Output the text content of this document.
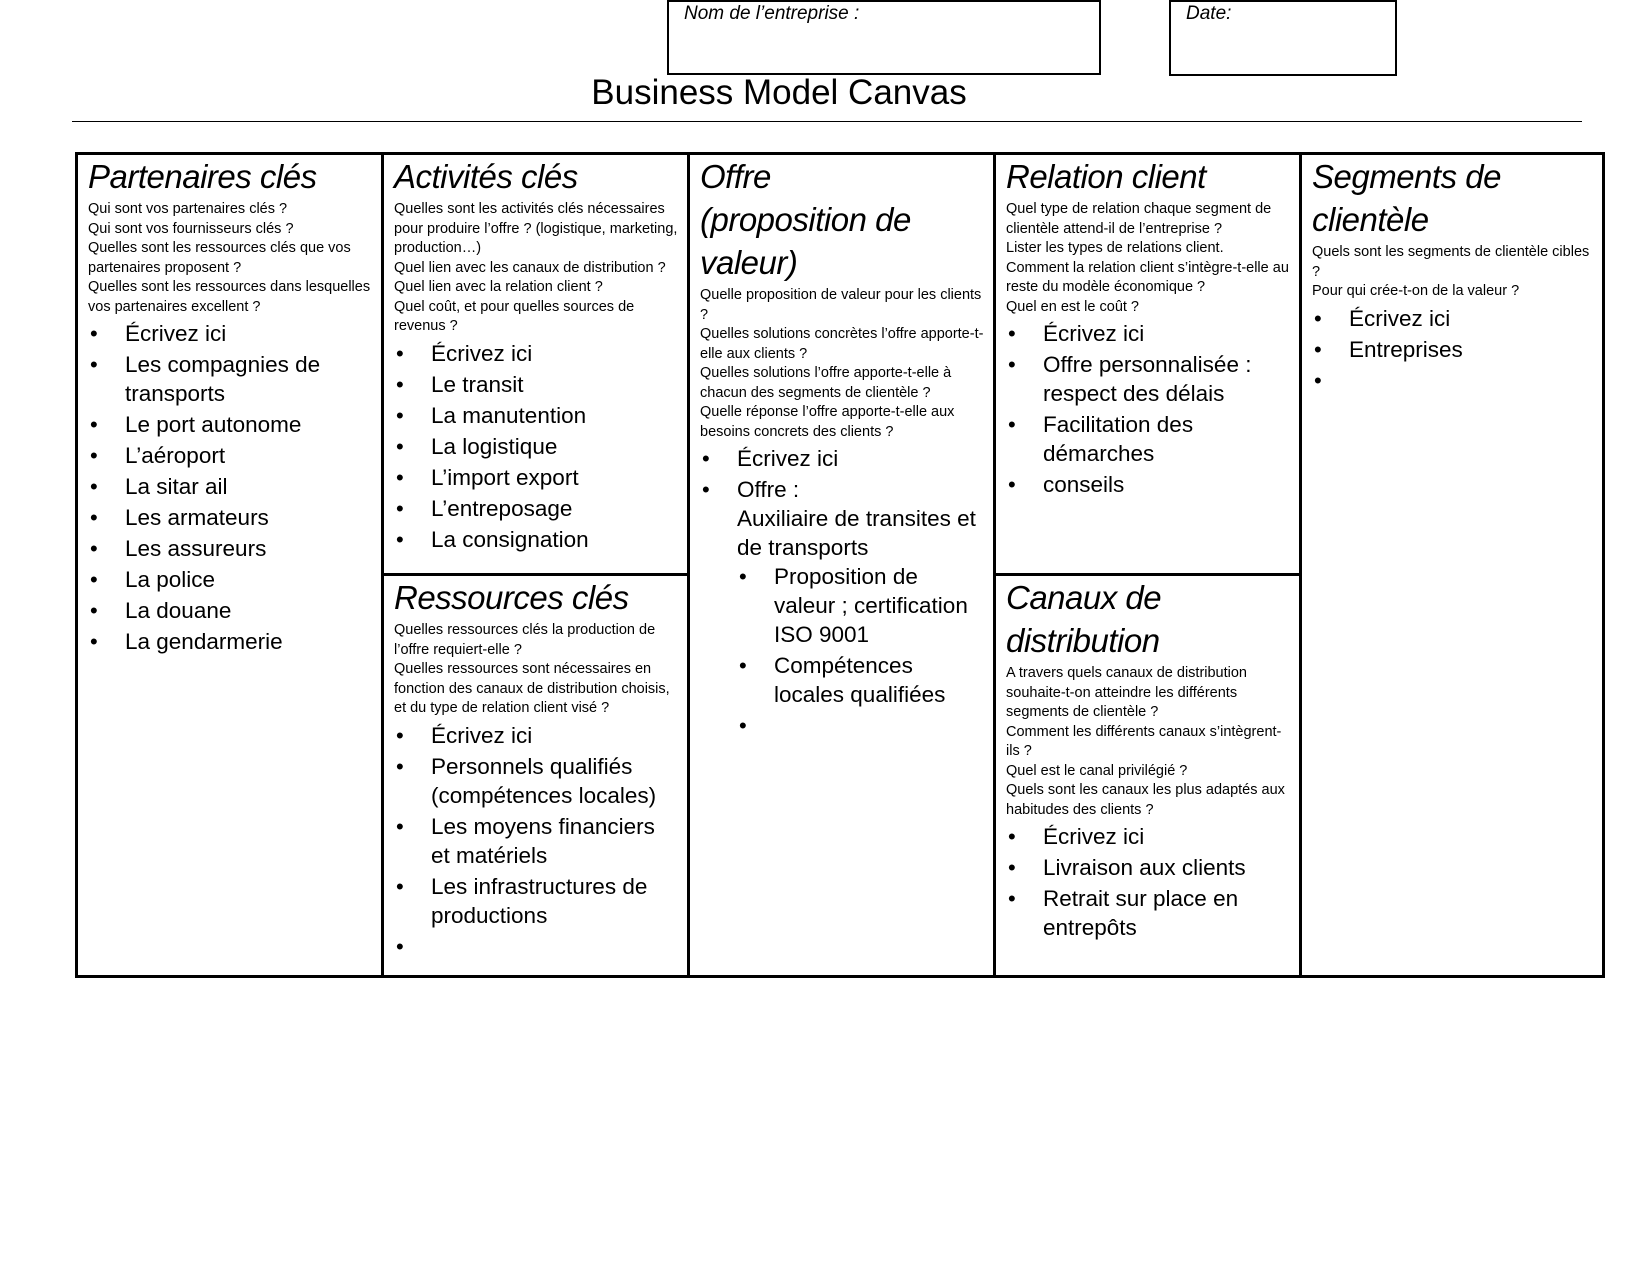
Nom de l’entreprise :	Date:
Business Model Canvas
Partenaires clés
Qui sont vos partenaires clés ?
Qui sont vos fournisseurs clés ?
Quelles sont les ressources clés que vos partenaires proposent ?
Quelles sont les ressources dans lesquelles vos partenaires excellent ?
• Écrivez ici
• Les compagnies de transports
• Le port autonome
• L’aéroport
• La sitar ail
• Les armateurs
• Les assureurs
• La police
• La douane
• La gendarmerie
Activités clés
Quelles sont les activités clés nécessaires pour produire l’offre ? (logistique, marketing, production…)
Quel lien avec les canaux de distribution ?
Quel lien avec la relation client ?
Quel coût, et pour quelles sources de revenus ?
• Écrivez ici
• Le transit
• La manutention
• La logistique
• L’import export
• L’entreposage
• La consignation
Ressources clés
Quelles ressources clés la production de l’offre requiert-elle ?
Quelles ressources sont nécessaires en fonction des canaux de distribution choisis, et du type de relation client visé ?
• Écrivez ici
• Personnels qualifiés (compétences locales)
• Les moyens financiers et matériels
• Les infrastructures de productions
•
Offre
(proposition de
valeur)
Quelle proposition de valeur pour les clients ?
Quelles solutions concrètes l’offre apporte-t-elle aux clients ?
Quelles solutions l’offre apporte-t-elle à chacun des segments de clientèle ?
Quelle réponse l’offre apporte-t-elle aux besoins concrets des clients ?
• Écrivez ici
• Offre :
Auxiliaire de transites et de transports
• Proposition de valeur ; certification ISO 9001
• Compétences locales qualifiées
•
Relation client
Quel type de relation chaque segment de clientèle attend-il de l’entreprise ?
Lister les types de relations client.
Comment la relation client s’intègre-t-elle au reste du modèle économique ?
Quel en est le coût ?
• Écrivez ici
• Offre personnalisée : respect des délais
• Facilitation des démarches
• conseils
Canaux de
distribution
A travers quels canaux de distribution souhaite-t-on atteindre les différents segments de clientèle ?
Comment les différents canaux s’intègrent-ils ?
Quel est le canal privilégié ?
Quels sont les canaux les plus adaptés aux habitudes des clients ?
• Écrivez ici
• Livraison aux clients
• Retrait sur place en entrepôts
Segments de
clientèle
Quels sont les segments de clientèle cibles ?
Pour qui crée-t-on de la valeur ?
• Écrivez ici
• Entreprises
•
